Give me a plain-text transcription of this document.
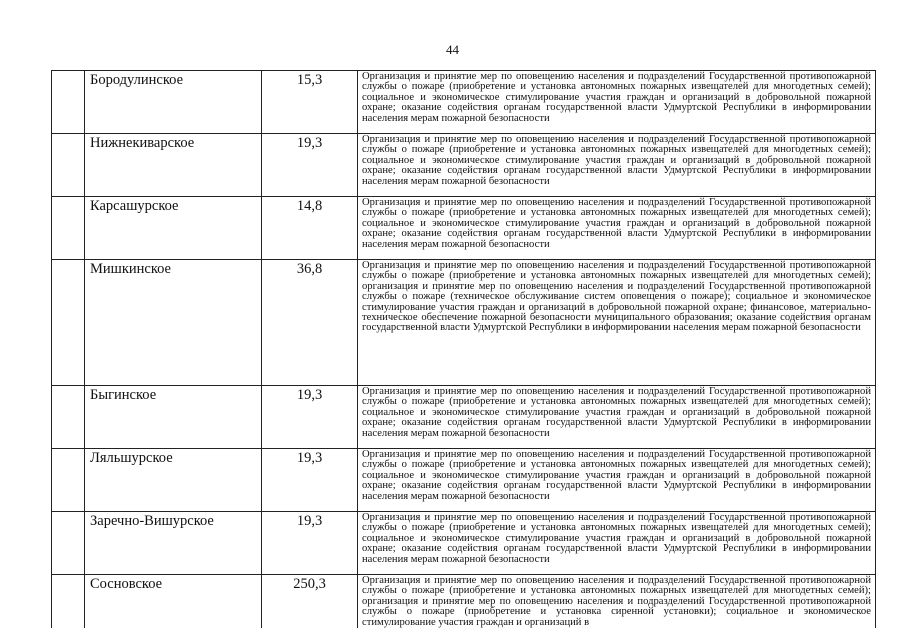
44
	Бородулинское	15,3	Организация и принятие мер по оповещению населения и подразделений Государственной противопожарной службы о пожаре (приобретение и установка автономных пожарных извещателей для многодетных семей); социальное и экономическое стимулирование участия граждан и организаций в добровольной пожарной охране; оказание содействия органам государственной власти Удмуртской Республики в информировании населения мерам пожарной безопасности

	Нижнекиварское	19,3	Организация и принятие мер по оповещению населения и подразделений Государственной противопожарной службы о пожаре (приобретение и установка автономных пожарных извещателей для многодетных семей); социальное и экономическое стимулирование участия граждан и организаций в добровольной пожарной охране; оказание содействия органам государственной власти Удмуртской Республики в информировании населения мерам пожарной безопасности

	Карсашурское	14,8	Организация и принятие мер по оповещению населения и подразделений Государственной противопожарной службы о пожаре (приобретение и установка автономных пожарных извещателей для многодетных семей); социальное и экономическое стимулирование участия граждан и организаций в добровольной пожарной охране; оказание содействия органам государственной власти Удмуртской Республики в информировании населения мерам пожарной безопасности

	Мишкинское	36,8	Организация и принятие мер по оповещению населения и подразделений Государственной противопожарной службы о пожаре (приобретение и установка автономных пожарных извещателей для многодетных семей); организация и принятие мер по оповещению населения и подразделений Государственной противопожарной службы о пожаре (техническое обслуживание систем оповещения о пожаре); социальное и экономическое стимулирование участия граждан и организаций в добровольной пожарной охране; финансовое, материально-техническое обеспечение пожарной безопасности муниципального образования; оказание содействия органам государственной власти Удмуртской Республики в информировании населения мерам пожарной безопасности

	Быгинское	19,3	Организация и принятие мер по оповещению населения и подразделений Государственной противопожарной службы о пожаре (приобретение и установка автономных пожарных извещателей для многодетных семей); социальное и экономическое стимулирование участия граждан и организаций в добровольной пожарной охране; оказание содействия органам государственной власти Удмуртской Республики в информировании населения мерам пожарной безопасности

	Ляльшурское	19,3	Организация и принятие мер по оповещению населения и подразделений Государственной противопожарной службы о пожаре (приобретение и установка автономных пожарных извещателей для многодетных семей); социальное и экономическое стимулирование участия граждан и организаций в добровольной пожарной охране; оказание содействия органам государственной власти Удмуртской Республики в информировании населения мерам пожарной безопасности

	Заречно-Вишурское	19,3	Организация и принятие мер по оповещению населения и подразделений Государственной противопожарной службы о пожаре (приобретение и установка автономных пожарных извещателей для многодетных семей); социальное и экономическое стимулирование участия граждан и организаций в добровольной пожарной охране; оказание содействия органам государственной власти Удмуртской Республики в информировании населения мерам пожарной безопасности

	Сосновское	250,3	Организация и принятие мер по оповещению населения и подразделений Государственной противопожарной службы о пожаре (приобретение и установка автономных пожарных извещателей для многодетных семей); организация и принятие мер по оповещению населения и подразделений Государственной противопожарной службы о пожаре (приобретение и установка сиренной установки); социальное и экономическое стимулирование участия граждан и организаций в
